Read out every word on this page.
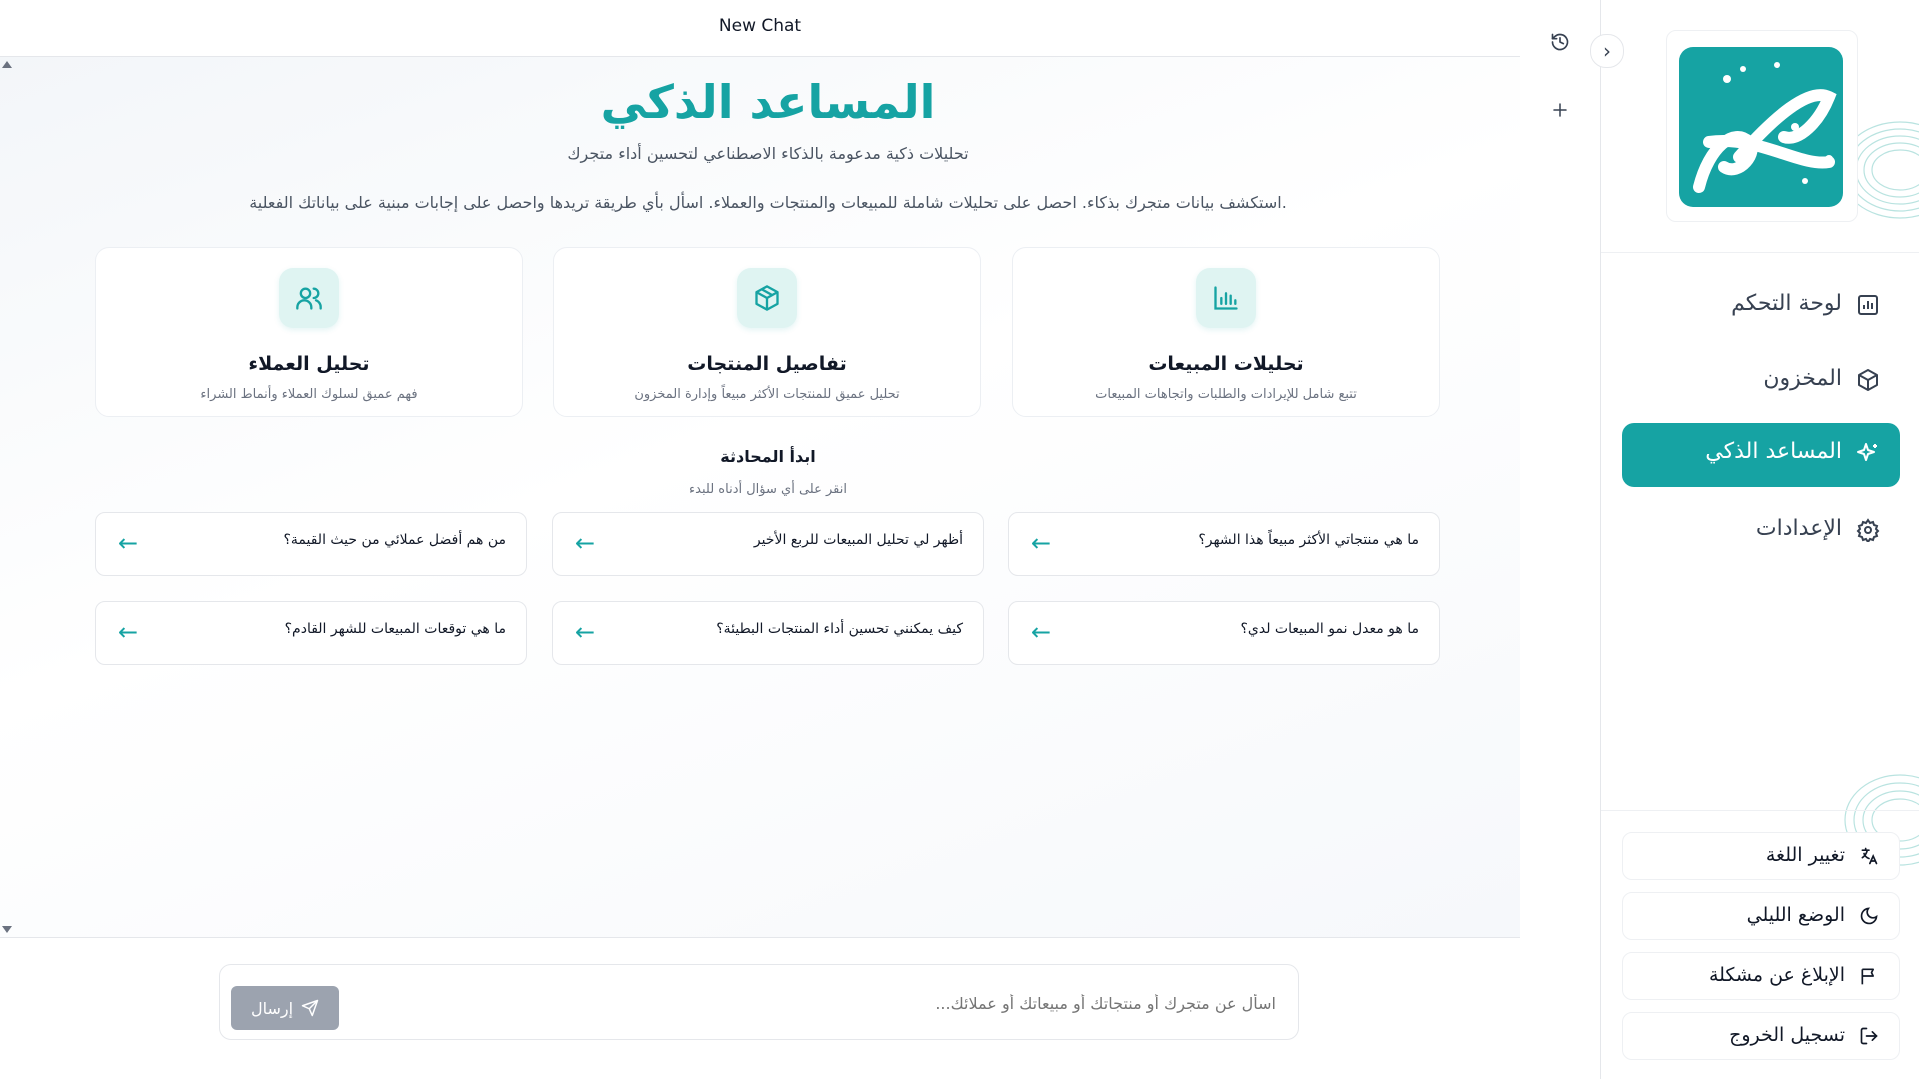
New Chat
المساعد الذكي
تحليلات ذكية مدعومة بالذكاء الاصطناعي لتحسين أداء متجرك
استكشف بيانات متجرك بذكاء. احصل على تحليلات شاملة للمبيعات والمنتجات والعملاء. اسأل بأي طريقة تريدها واحصل على إجابات مبنية على بياناتك الفعلية.
تحليلات المبيعات
تتبع شامل للإيرادات والطلبات واتجاهات المبيعات
تفاصيل المنتجات
تحليل عميق للمنتجات الأكثر مبيعاً وإدارة المخزون
تحليل العملاء
فهم عميق لسلوك العملاء وأنماط الشراء
ابدأ المحادثة
انقر على أي سؤال أدناه للبدء
ما هي منتجاتي الأكثر مبيعاً هذا الشهر؟
←
أظهر لي تحليل المبيعات للربع الأخير
←
من هم أفضل عملائي من حيث القيمة؟
←
ما هو معدل نمو المبيعات لدي؟
←
كيف يمكنني تحسين أداء المنتجات البطيئة؟
←
ما هي توقعات المبيعات للشهر القادم؟
←
اسأل عن متجرك أو منتجاتك أو مبيعاتك أو عملائك...
إرسال
›
لوحة التحكم
المخزون
المساعد الذكي
الإعدادات
تغيير اللغة
الوضع الليلي
الإبلاغ عن مشكلة
تسجيل الخروج
